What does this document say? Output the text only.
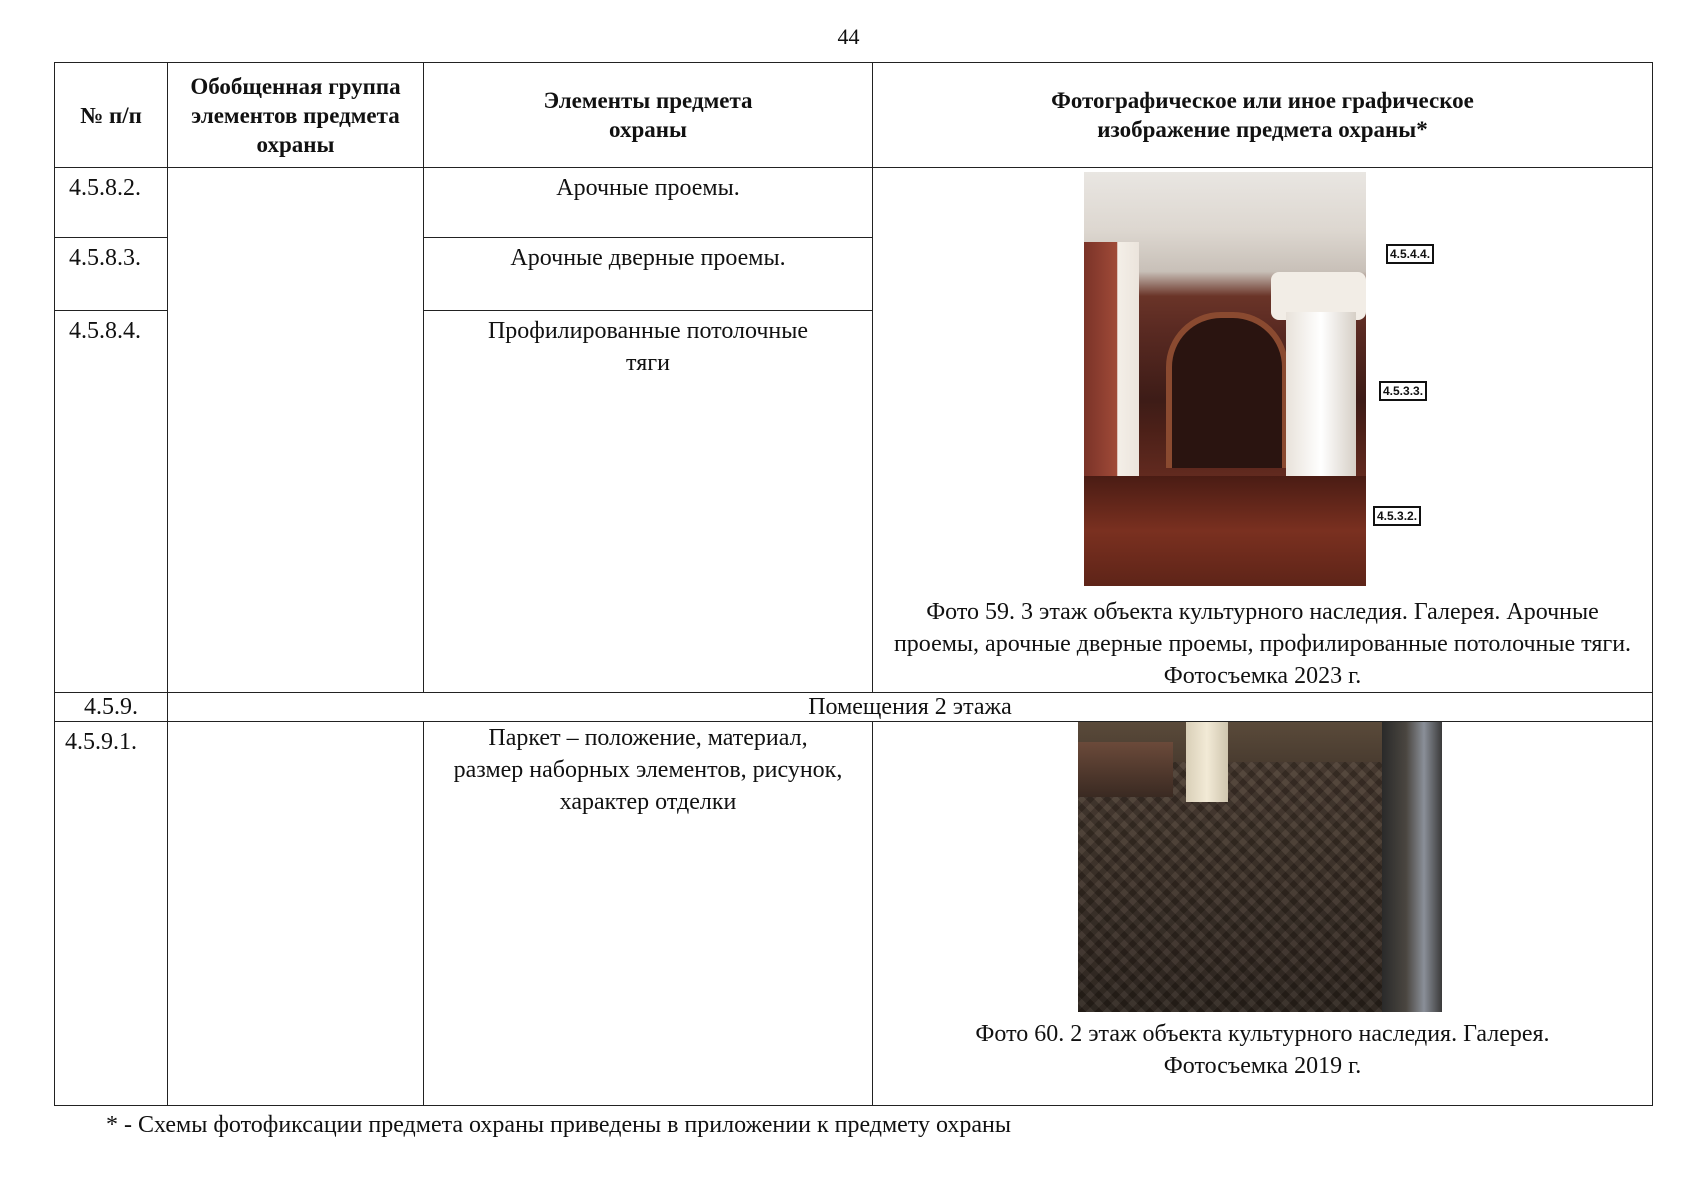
44
№ п/п	Обобщенная группа элементов предмета охраны	Элементы предмета охраны	Фотографическое или иное графическое изображение предмета охраны*
4.5.8.2.		Арочные проемы.	4.5.4.4.
4.5.3.3.
4.5.3.2.
Фото 59. 3 этаж объекта культурного наследия. Галерея. Арочные проемы, арочные дверные проемы, профилированные потолочные тяги. Фотосъемка 2023 г.

4.5.8.3.		Арочные дверные проемы.	
4.5.8.4.		Профилированные потолочные тяги	
4.5.9.	Помещения 2 этажа		
4.5.9.1.		Паркет – положение, материал, размер наборных элементов, рисунок, характер отделки	Фото 60. 2 этаж объекта культурного наследия. Галерея. Фотосъемка 2019 г.
* - Схемы фотофиксации предмета охраны приведены в приложении к предмету охраны
